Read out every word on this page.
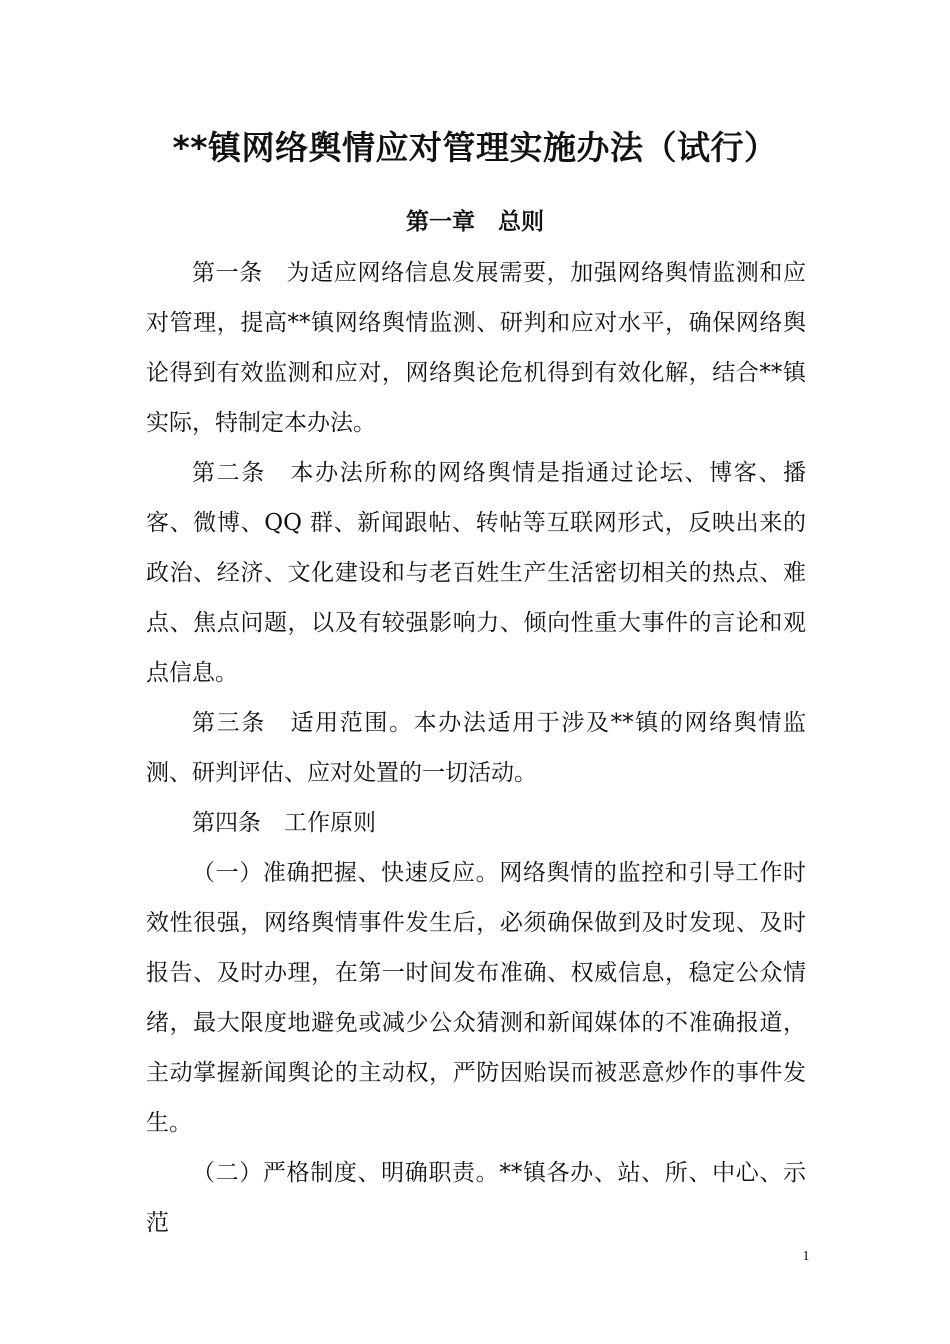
**镇网络舆情应对管理实施办法（试行）
第一章　总则

第一条　为适应网络信息发展需要，加强网络舆情监测和应对管理，提高**镇网络舆情监测、研判和应对水平，确保网络舆论得到有效监测和应对，网络舆论危机得到有效化解，结合**镇实际，特制定本办法。

第二条　本办法所称的网络舆情是指通过论坛、博客、播客、微博、QQ 群、新闻跟帖、转帖等互联网形式，反映出来的政治、经济、文化建设和与老百姓生产生活密切相关的热点、难点、焦点问题，以及有较强影响力、倾向性重大事件的言论和观点信息。

第三条　适用范围。本办法适用于涉及**镇的网络舆情监测、研判评估、应对处置的一切活动。

第四条　工作原则

（一）准确把握、快速反应。网络舆情的监控和引导工作时效性很强，网络舆情事件发生后，必须确保做到及时发现、及时报告、及时办理，在第一时间发布准确、权威信息，稳定公众情绪，最大限度地避免或减少公众猜测和新闻媒体的不准确报道，主动掌握新闻舆论的主动权，严防因贻误而被恶意炒作的事件发生。

（二）严格制度、明确职责。**镇各办、站、所、中心、示范

1
